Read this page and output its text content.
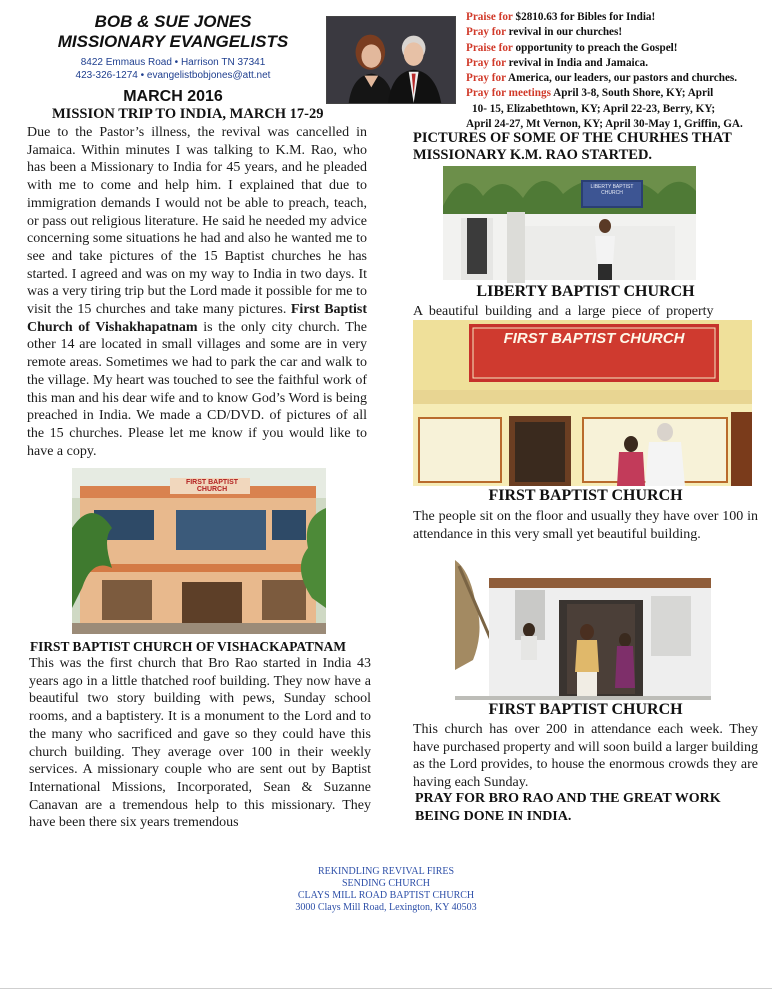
BOB & SUE JONES
MISSIONARY EVANGELISTS
8422 Emmaus Road • Harrison TN 37341
423-326-1274 • evangelistbobjones@att.net
MARCH 2016
Praise for $2810.63 for Bibles for India!
Pray for revival in our churches!
Praise for opportunity to preach the Gospel!
Pray for revival in India and Jamaica.
Pray for America, our leaders, our pastors and churches.
Pray for meetings April 3-8, South Shore, KY; April
10- 15, Elizabethtown, KY; April 22-23, Berry, KY;
April 24-27, Mt Vernon, KY; April 30-May 1, Griffin, GA.
MISSION TRIP TO INDIA, MARCH 17-29
Due to the Pastor’s illness, the revival was cancelled in Jamaica. Within minutes I was talking to K.M. Rao, who has been a Missionary to India for 45 years, and he pleaded with me to come and help him. I explained that due to immigration demands I would not be able to preach, teach, or pass out religious literature. He said he needed my advice concerning some situations he had and also he wanted me to see and take pictures of the 15 Baptist churches he has started. I agreed and was on my way to India in two days. It was a very tiring trip but the Lord made it possible for me to visit the 15 churches and take many pictures. First Baptist Church of Vishakhapatnam is the only city church. The other 14 are located in small villages and some are in very remote areas. Sometimes we had to park the car and walk to the village. My heart was touched to see the faithful work of this man and his dear wife and to know God’s Word is being preached in India. We made a CD/DVD. of pictures of all the 15 churches. Please let me know if you would like to have a copy.
FIRST BAPTIST CHURCH
FIRST BAPTIST CHURCH OF VISHACKAPATNAM
This was the first church that Bro Rao started in India 43 years ago in a little thatched roof building. They now have a beautiful two story building with pews, Sunday school rooms, and a baptistery. It is a monument to the Lord and to the many who sacrificed and gave so they could have this church building. They average over 100 in their weekly services. A missionary couple who are sent out by Baptist International Missions, Incorporated, Sean & Suzanne Canavan are a tremendous help to this missionary. They have been there six years tremendous
PICTURES OF SOME OF THE CHURHES THAT MISSIONARY K.M. RAO STARTED.
LIBERTY BAPTIST CHURCH
LIBERTY BAPTIST CHURCH
A beautiful building and a large piece of property
FIRST BAPTIST CHURCH
FIRST BAPTIST CHURCH
The people sit on the floor and usually they have over 100 in attendance in this very small yet beautiful building.
FIRST BAPTIST CHURCH
This church has over 200 in attendance each week. They have purchased property and will soon build a larger building as the Lord provides, to house the enormous crowds they are having each Sunday.
PRAY FOR BRO RAO AND THE GREAT WORK BEING DONE IN INDIA.
REKINDLING REVIVAL FIRES
SENDING CHURCH
CLAYS MILL ROAD BAPTIST CHURCH
3000 Clays Mill Road, Lexington, KY 40503
